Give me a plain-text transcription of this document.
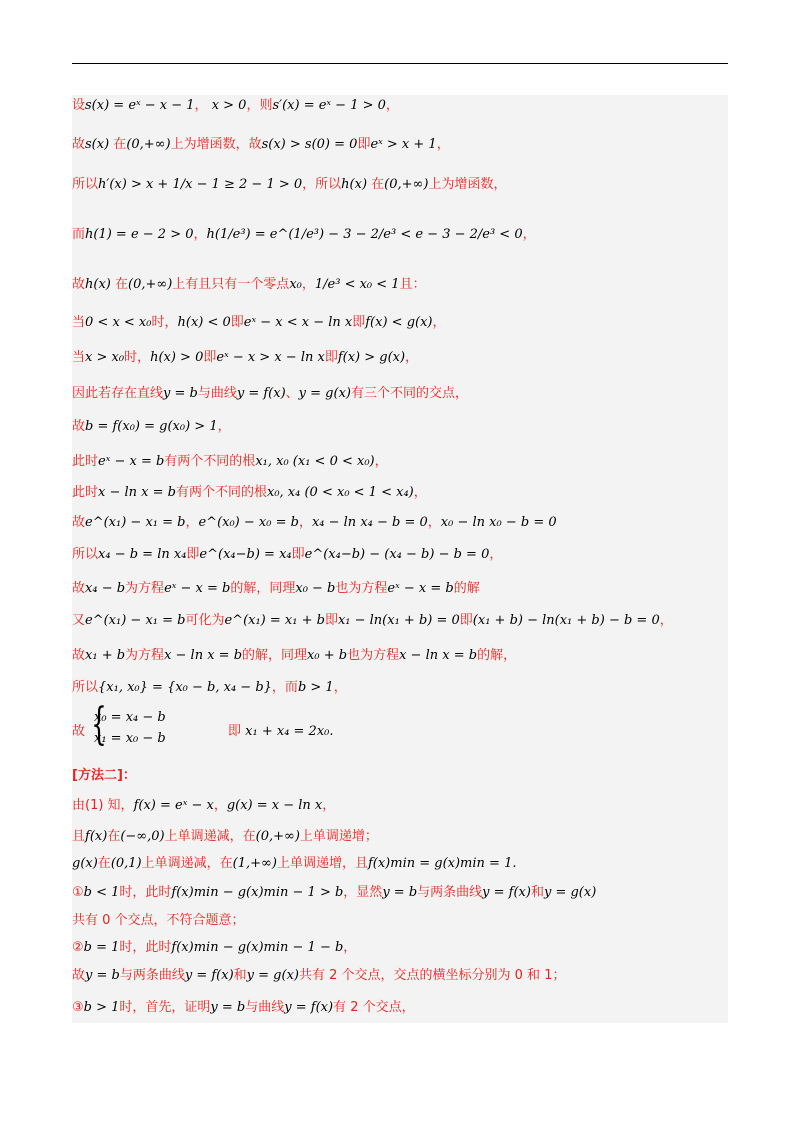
设s(x) = eˣ − x − 1， x > 0，则s′(x) = eˣ − 1 > 0，
故s(x) 在(0,+∞)上为增函数，故s(x) > s(0) = 0即eˣ > x + 1，
所以h′(x) > x + 1/x − 1 ≥ 2 − 1 > 0，所以h(x) 在(0,+∞)上为增函数，
而h(1) = e − 2 > 0，h(1/e³) = e^(1/e³) − 3 − 2/e³ < e − 3 − 2/e³ < 0，
故h(x) 在(0,+∞)上有且只有一个零点x₀，1/e³ < x₀ < 1且：
当0 < x < x₀时，h(x) < 0即eˣ − x < x − ln x即f(x) < g(x)，
当x > x₀时，h(x) > 0即eˣ − x > x − ln x即f(x) > g(x)，
因此若存在直线y = b与曲线y = f(x)、y = g(x)有三个不同的交点，
故b = f(x₀) = g(x₀) > 1，
此时eˣ − x = b有两个不同的根x₁, x₀ (x₁ < 0 < x₀)，
此时x − ln x = b有两个不同的根x₀, x₄ (0 < x₀ < 1 < x₄)，
故e^(x₁) − x₁ = b，e^(x₀) − x₀ = b，x₄ − ln x₄ − b = 0，x₀ − ln x₀ − b = 0
所以x₄ − b = ln x₄即e^(x₄−b) = x₄即e^(x₄−b) − (x₄ − b) − b = 0，
故x₄ − b为方程eˣ − x = b的解，同理x₀ − b也为方程eˣ − x = b的解
又e^(x₁) − x₁ = b可化为e^(x₁) = x₁ + b即x₁ − ln(x₁ + b) = 0即(x₁ + b) − ln(x₁ + b) − b = 0，
故x₁ + b为方程x − ln x = b的解，同理x₀ + b也为方程x − ln x = b的解，
所以{x₁, x₀} = {x₀ − b, x₄ − b}，而b > 1，
由(1) 知，f(x) = eˣ − x，g(x) = x − ln x，
且f(x)在(−∞,0)上单调递减，在(0,+∞)上单调递增；
g(x)在(0,1)上单调递减，在(1,+∞)上单调递增，且f(x)min = g(x)min = 1.
①b < 1时，此时f(x)min − g(x)min − 1 > b，显然y = b与两条曲线y = f(x)和y = g(x)
共有 0 个交点，不符合题意；
②b = 1时，此时f(x)min − g(x)min − 1 − b，
故y = b与两条曲线y = f(x)和y = g(x)共有 2 个交点，交点的横坐标分别为 0 和 1；
③b > 1时，首先，证明y = b与曲线y = f(x)有 2 个交点，
故 {
x₀ = x₄ − b
x₁ = x₀ − b	即 x₁ + x₄ = 2x₀.
[方法二]：
